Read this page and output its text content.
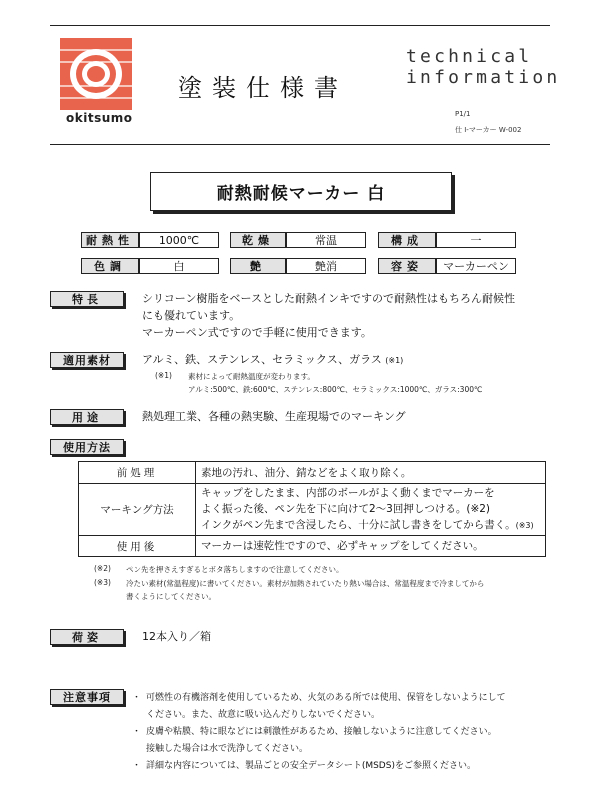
okitsumo
塗装仕様書
technical
information
P1/1
仕 I-マーカー W-002
耐熱耐候マーカー 白
耐熱性	1000℃	乾燥	常温	構成	一
色調	白	艶	艶消	容姿	マーカーペン
特長	シリコーン樹脂をベースとした耐熱インキですので耐熱性はもちろん耐候性
にも優れています。
マーカーペン式ですので手軽に使用できます。
適用素材	アルミ、鉄、ステンレス、セラミックス、ガラス (※1)
(※1) 素材によって耐熱温度が変わります。
アルミ:500℃、鉄:600℃、ステンレス:800℃、セラミックス:1000℃、ガラス:300℃
用途	熱処理工業、各種の熱実験、生産現場でのマーキング
使用方法
前処理	素地の汚れ、油分、錆などをよく取り除く。

マーキング方法	キャップをしたまま、内部のボールがよく動くまでマーカーを
よく振った後、ペン先を下に向けて2～3回押しつける。(※2)
インクがペン先まで含浸したら、十分に試し書きをしてから書く。(※3)

使用後	マーカーは速乾性ですので、必ずキャップをしてください。
(※2) ペン先を押さえすぎるとボタ落ちしますので注意してください。
(※3) 冷たい素材(常温程度)に書いてください。素材が加熱されていたり熱い場合は、常温程度まで冷ましてから
書くようにしてください。
荷姿	12本入り／箱
注意事項	・ 可燃性の有機溶剤を使用しているため、火気のある所では使用、保管をしないようにして
ください。また、故意に吸い込んだりしないでください。
・ 皮膚や粘膜、特に眼などには刺激性があるため、接触しないように注意してください。
接触した場合は水で洗浄してください。
・ 詳細な内容については、製品ごとの安全データシート(MSDS)をご参照ください。
